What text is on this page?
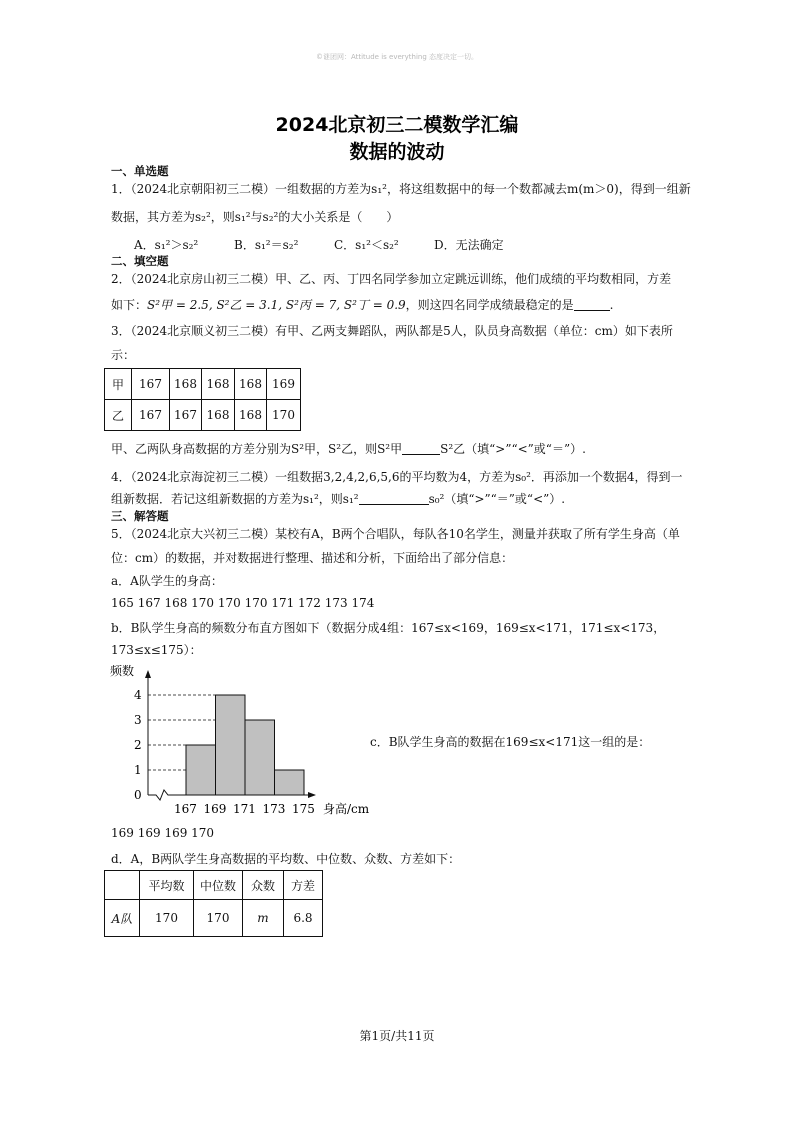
©谜团网：Attitude is everything 态度决定一切。
2024北京初三二模数学汇编
数据的波动
一、单选题
1．（2024北京朝阳初三二模）一组数据的方差为s₁²，将这组数据中的每一个数都减去m(m＞0)，得到一组新
数据，其方差为s₂²，则s₁²与s₂²的大小关系是（　　）
A．s₁²＞s₂²	B．s₁²＝s₂²	C．s₁²＜s₂²	D．无法确定
二、填空题
2．（2024北京房山初三二模）甲、乙、丙、丁四名同学参加立定跳远训练，他们成绩的平均数相同，方差
如下：S²甲 = 2.5, S²乙 = 3.1, S²丙 = 7, S²丁 = 0.9，则这四名同学成绩最稳定的是	.
3．（2024北京顺义初三二模）有甲、乙两支舞蹈队，两队都是5人，队员身高数据（单位：cm）如下表所
示：
甲	167	168	168	168	169
乙	167	167	168	168	170
甲、乙两队身高数据的方差分别为S²甲，S²乙，则S²甲	S²乙（填“>”“<”或“＝”）.
4．（2024北京海淀初三二模）一组数据3,2,4,2,6,5,6的平均数为4，方差为s₀²．再添加一个数据4，得到一
组新数据．若记这组新数据的方差为s₁²，则s₁²	s₀²（填“>”“＝”或“<”）.
三、解答题
5．（2024北京大兴初三二模）某校有A，B两个合唱队，每队各10名学生，测量并获取了所有学生身高（单
位：cm）的数据，并对数据进行整理、描述和分析，下面给出了部分信息：
a．A队学生的身高：
165 167 168 170 170 170 171 172 173 174
b．B队学生身高的频数分布直方图如下（数据分成4组：167≤x<169，169≤x<171，171≤x<173，
173≤x≤175）：
0
1
2
3
4
167 169 171 173 175
频数
身高/cm
c．B队学生身高的数据在169≤x<171这一组的是：
169 169 169 170
d．A，B两队学生身高数据的平均数、中位数、众数、方差如下：
	平均数	中位数	众数	方差
A队	170	170	m	6.8
第1页/共11页
